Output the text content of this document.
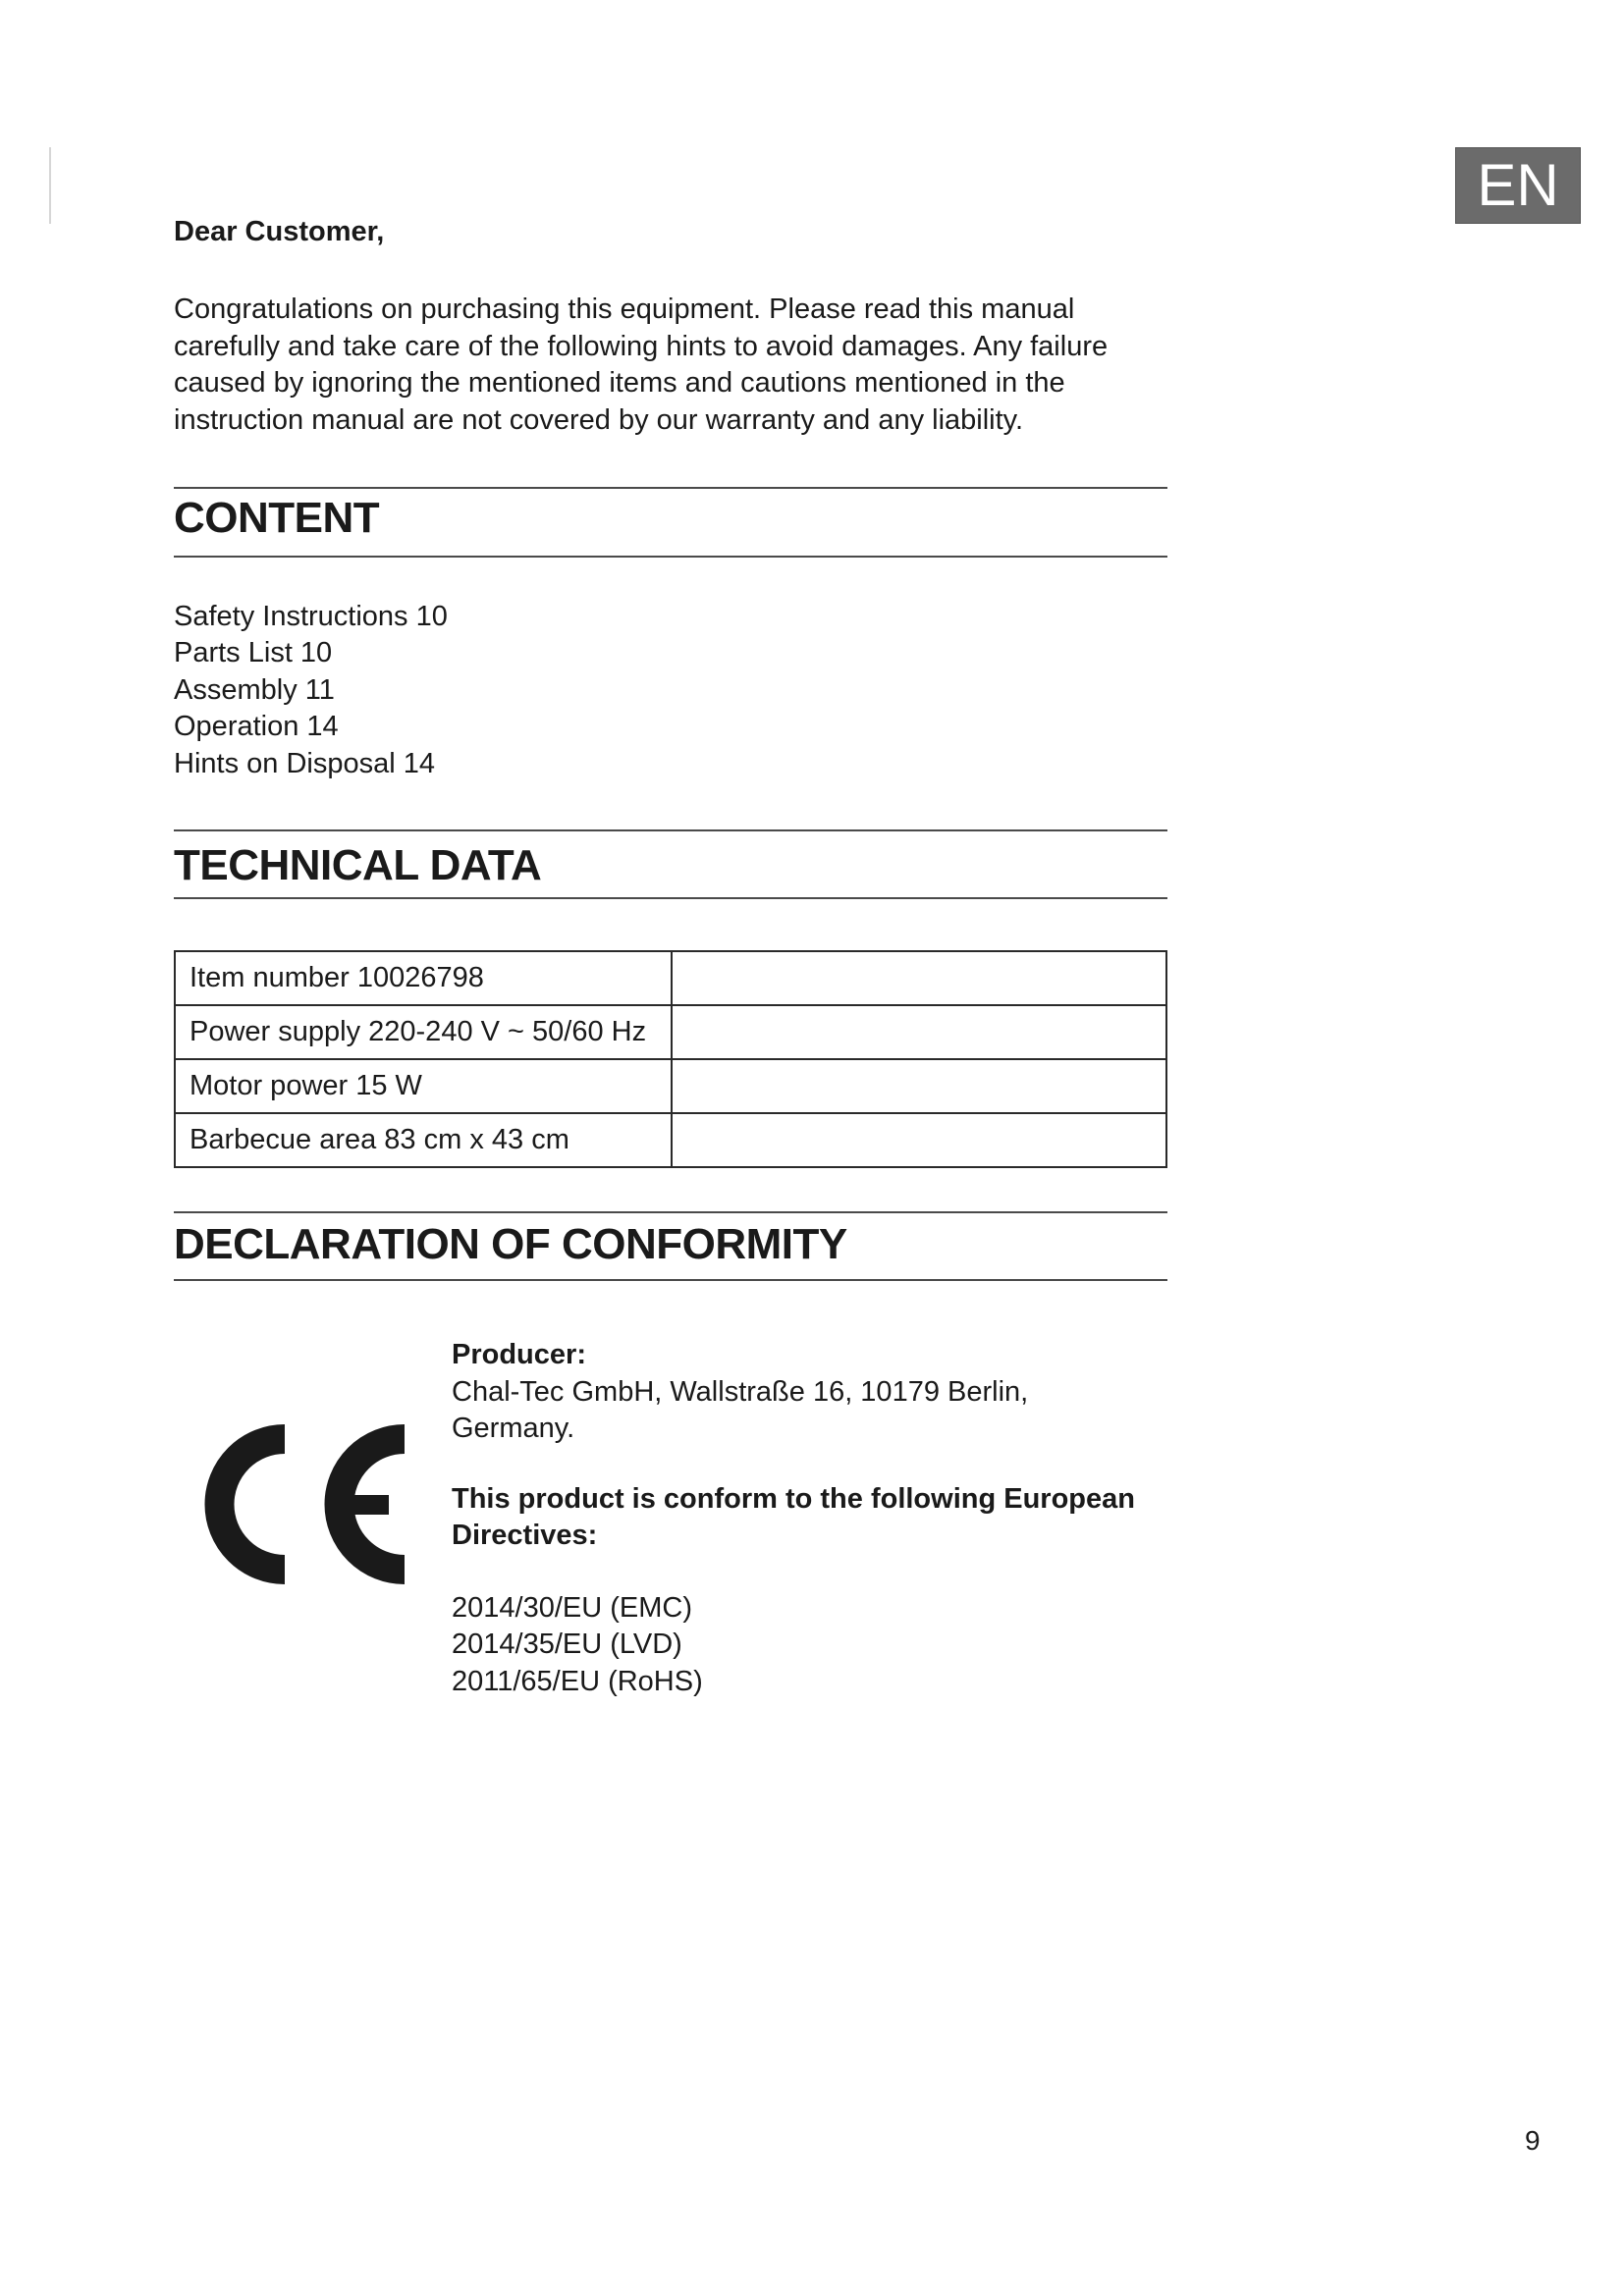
EN
Dear Customer,

Congratulations on purchasing this equipment. Please read this manual
carefully and take care of the following hints to avoid damages. Any failure
caused by ignoring the mentioned items and cautions mentioned in the
instruction manual are not covered by our warranty and any liability.

CONTENT
Safety Instructions 10
Parts List 10
Assembly 11
Operation 14
Hints on Disposal 14
TECHNICAL DATA
Item number 10026798	
Power supply 220-240 V ~ 50/60 Hz	
Motor power 15 W	
Barbecue area 83 cm x 43 cm	
DECLARATION OF CONFORMITY

Producer:

Chal-Tec GmbH, Wallstraße 16, 10179 Berlin,

Germany.

This product is conform to the following European

Directives:

2014/30/EU (EMC)

2014/35/EU (LVD)

2011/65/EU (RoHS)

9
